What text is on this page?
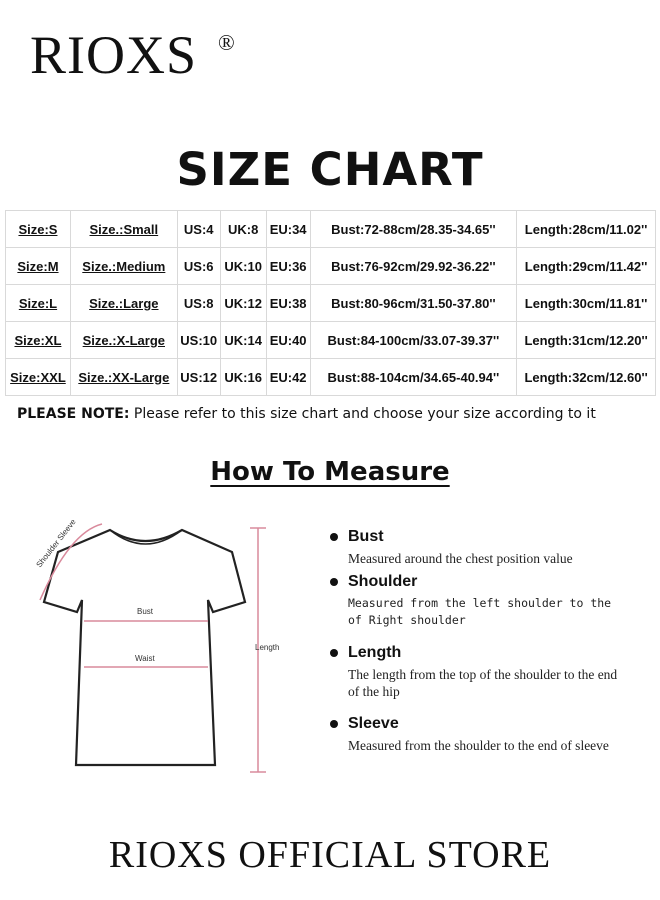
RIOXS ®
SIZE CHART
Size:S	Size.:Small	US:4	UK:8	EU:34	Bust:72-88cm/28.35-34.65''	Length:28cm/11.02''
Size:M	Size.:Medium	US:6	UK:10	EU:36	Bust:76-92cm/29.92-36.22''	Length:29cm/11.42''
Size:L	Size.:Large	US:8	UK:12	EU:38	Bust:80-96cm/31.50-37.80''	Length:30cm/11.81''
Size:XL	Size.:X-Large	US:10	UK:14	EU:40	Bust:84-100cm/33.07-39.37''	Length:31cm/12.20''
Size:XXL	Size.:XX-Large	US:12	UK:16	EU:42	Bust:88-104cm/34.65-40.94''	Length:32cm/12.60''
PLEASE NOTE: Please refer to this size chart and choose your size according to it
How To Measure
Shoulder Sleeve
Bust
Waist
Length
Bust
Measured around the chest position value
Shoulder
Measured from the left shoulder to the of Right shoulder
Length
The length from the top of the shoulder to the end of the hip
Sleeve
Measured from the shoulder to the end of sleeve
RIOXS OFFICIAL STORE
